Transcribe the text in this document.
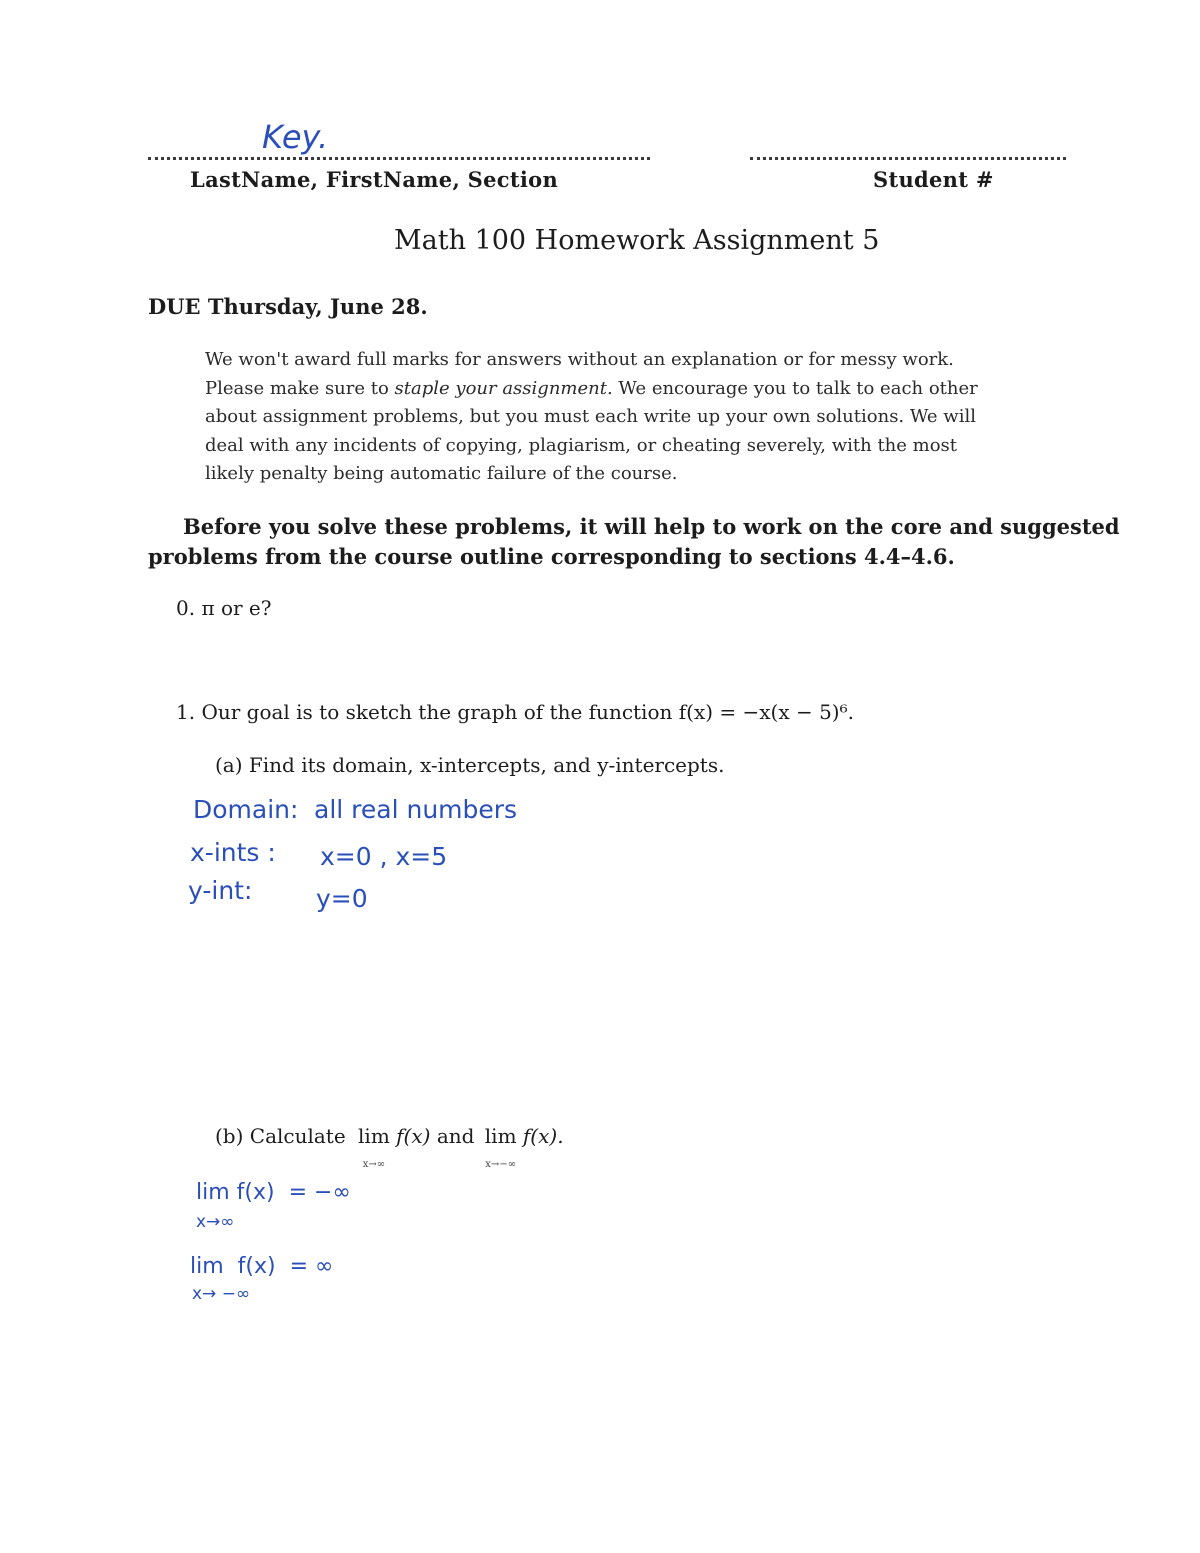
Key.
LastName, FirstName, Section	Student #
Math 100 Homework Assignment 5
DUE Thursday, June 28.
We won't award full marks for answers without an explanation or for messy work.
Please make sure to staple your assignment. We encourage you to talk to each other
about assignment problems, but you must each write up your own solutions. We will
deal with any incidents of copying, plagiarism, or cheating severely, with the most
likely penalty being automatic failure of the course.
Before you solve these problems, it will help to work on the core and suggested
problems from the course outline corresponding to sections 4.4–4.6.
0. π or e?
1. Our goal is to sketch the graph of the function f(x) = −x(x − 5)⁶.
(a) Find its domain, x-intercepts, and y-intercepts.
Domain: all real numbers
x-ints : x=0 , x=5
y-int:	y=0
(b) Calculate lim
x→∞ f(x) and lim
x→−∞ f(x).
lim f(x) = −∞
x→∞
lim f(x) = ∞
x→ −∞
